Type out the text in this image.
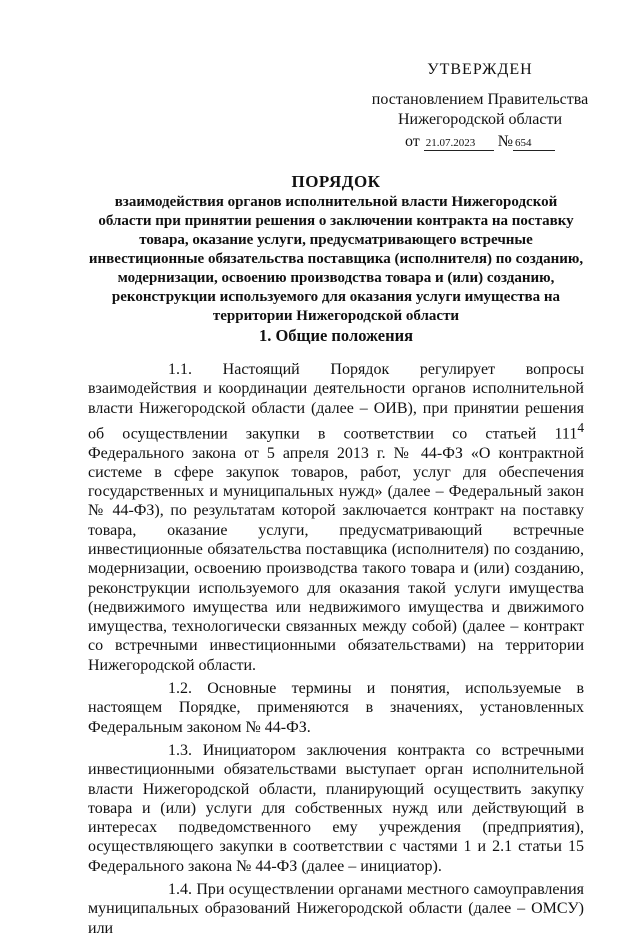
УТВЕРЖДЕН
постановлением Правительства
Нижегородской области
от 21.07.2023 № 654
ПОРЯДОК
взаимодействия органов исполнительной власти Нижегородской области при принятии решения о заключении контракта на поставку товара, оказание услуги, предусматривающего встречные инвестиционные обязательства поставщика (исполнителя) по созданию, модернизации, освоению производства товара и (или) созданию, реконструкции используемого для оказания услуги имущества на территории Нижегородской области
1. Общие положения

1.1. Настоящий Порядок регулирует вопросы взаимодействия и координации деятельности органов исполнительной власти Нижегородской области (далее – ОИВ), при принятии решения об осуществлении закупки в соответствии со статьей $111^4$ Федерального закона от 5 апреля 2013 г. № 44-ФЗ «О контрактной системе в сфере закупок товаров, работ, услуг для обеспечения государственных и муниципальных нужд» (далее – Федеральный закон № 44-ФЗ), по результатам которой заключается контракт на поставку товара, оказание услуги, предусматривающий встречные инвестиционные обязательства поставщика (исполнителя) по созданию, модернизации, освоению производства такого товара и (или) созданию, реконструкции используемого для оказания такой услуги имущества (недвижимого имущества или недвижимого имущества и движимого имущества, технологически связанных между собой) (далее – контракт со встречными инвестиционными обязательствами) на территории Нижегородской области.

1.2. Основные термины и понятия, используемые в настоящем Порядке, применяются в значениях, установленных Федеральным законом № 44-ФЗ.

1.3. Инициатором заключения контракта со встречными инвестиционными обязательствами выступает орган исполнительной власти Нижегородской области, планирующий осуществить закупку товара и (или) услуги для собственных нужд или действующий в интересах подведомственного ему учреждения (предприятия), осуществляющего закупки в соответствии с частями 1 и 2.1 статьи 15 Федерального закона № 44-ФЗ (далее – инициатор).

1.4. При осуществлении органами местного самоуправления муниципальных образований Нижегородской области (далее – ОМСУ) или
